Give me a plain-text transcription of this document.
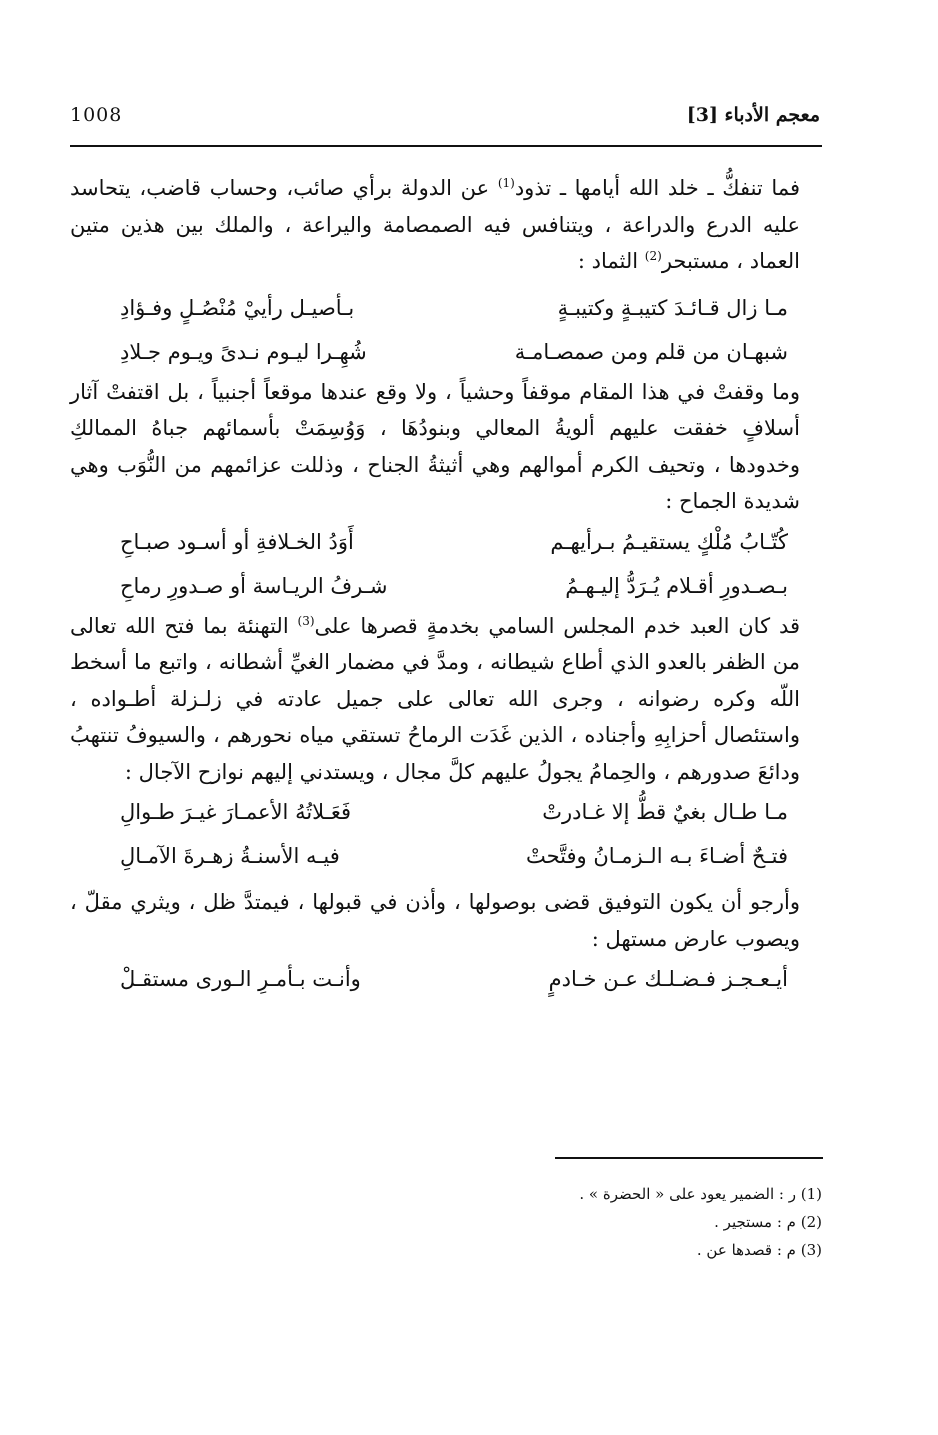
معجم الأدباء [3]
1008

فما تنفكُّ ـ خلد الله أيامها ـ تذود$^{(1)}$ عن الدولة برأي صائب، وحساب قاضب، يتحاسد عليه الدرع والدراعة ، ويتنافس فيه الصمصامة واليراعة ، والملك بين هذين متين العماد ، مستبحر$^{(2)}$ الثماد :

مـا زال قـائـدَ كتيبـةٍ وكتيبـةٍ
بـأصيـل رأييْ مُنْصُـلٍ وفـؤادِ
شبهـان من قلم ومن صمصـامـة
شُهِـرا ليـوم نـدىً ويـوم جـلادِ

وما وقفتْ في هذا المقام موقفاً وحشياً ، ولا وقع عندها موقعاً أجنبياً ، بل اقتفتْ آثار أسلافٍ خفقت عليهم ألويةُ المعالي وبنودُهَا ، وَوُسِمَتْ بأسمائهم جباهُ الممالكِ وخدودها ، وتحيف الكرم أموالهم وهي أثيثةُ الجناح ، وذللت عزائمهم من النُّوَب وهي شديدة الجماح :

كُتّـابُ مُلْكٍ يستقيـمُ بـرأيهـم
أَوَدُ الخـلافةِ أو أسـود صبـاحِ
بـصـدورِ أقـلام يُـرَدُّ إليـهـمُ
شـرفُ الريـاسة أو صـدورِ رماحِ

قد كان العبد خدم المجلس السامي بخدمةٍ قصرها على$^{(3)}$ التهنئة بما فتح الله تعالى من الظفر بالعدو الذي أطاع شيطانه ، ومدَّ في مضمار الغيِّ أشطانه ، واتبع ما أسخط اللّه وكره رضوانه ، وجرى الله تعالى على جميل عادته في زلـزلة أطـواده ، واستئصال أحزابِهِ وأجناده ، الذين غَدَت الرماحُ تستقي مياه نحورهم ، والسيوفُ تنتهبُ ودائعَ صدورهم ، والحِمامُ يجولُ عليهم كلَّ مجال ، ويستدني إليهم نوازح الآجال :

مـا طـال بغيٌ قطُّ إلا غـادرتْ
فَعَـلاتُهُ الأعمـارَ غيـرَ طـوالِ
فتـحٌ أضـاءَ بـه الـزمـانُ وفتَّحتْ
فيـه الأسنـةُ زهـرةَ الآمـالِ

وأرجو أن يكون التوفيق قضى بوصولها ، وأذن في قبولها ، فيمتدَّ ظل ، ويثري مقلّ ، ويصوب عارض مستهل :

أيـعـجـز فـضـلـك عـن خـادمٍ
وأنـت بـأمـرِ الـورى مستقـلْ
(1) ر : الضمير يعود على « الحضرة » .
(2) م : مستجير .
(3) م : قصدها عن .
